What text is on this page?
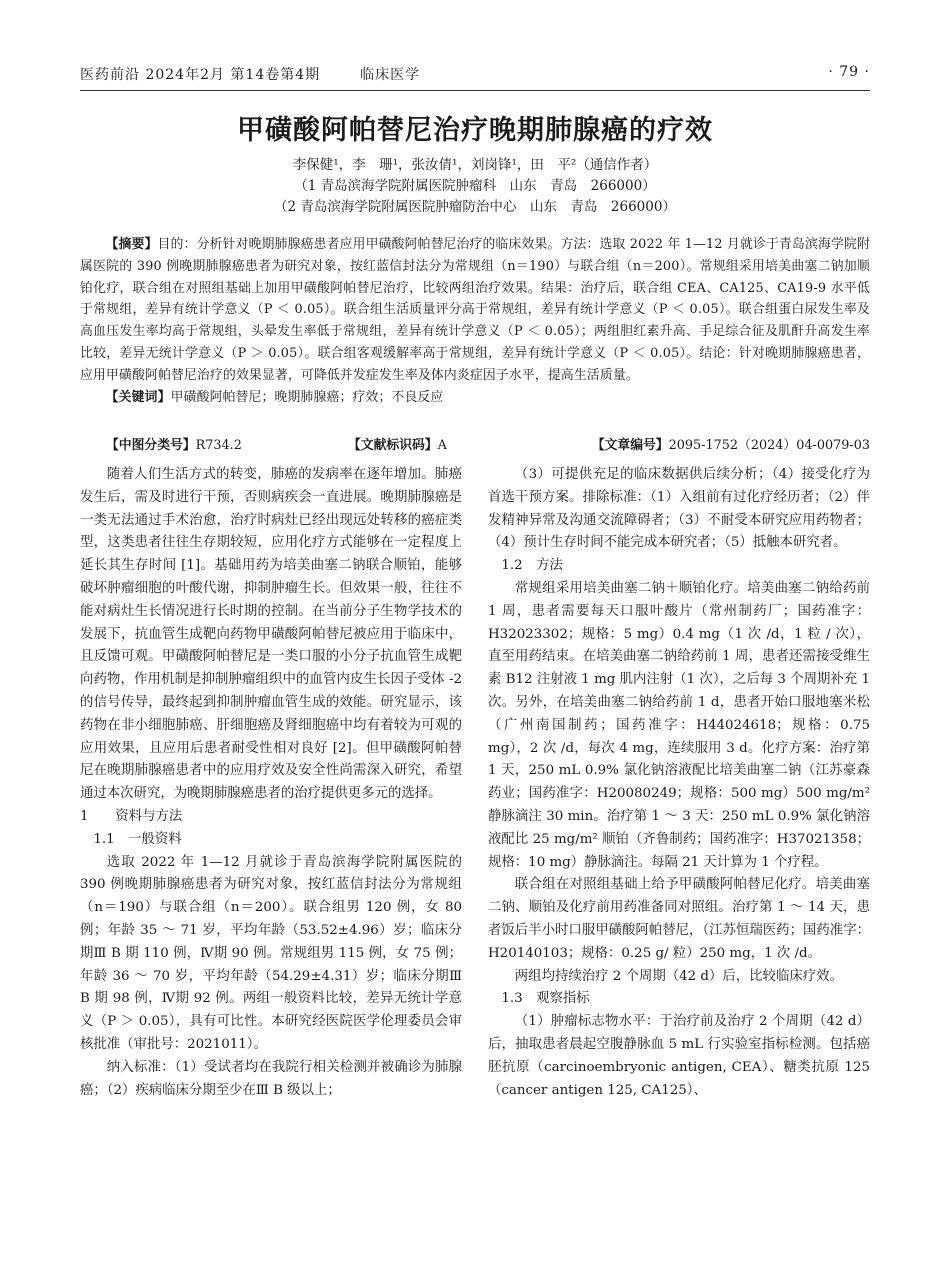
医药前沿 2024年2月 第14卷第4期	临床医学	· 79 ·
甲磺酸阿帕替尼治疗晚期肺腺癌的疗效
李保健¹，李　珊¹，张汝倩¹，刘岗锋¹，田　平²（通信作者）
（1 青岛滨海学院附属医院肿瘤科　山东　青岛　266000）
（2 青岛滨海学院附属医院肿瘤防治中心　山东　青岛　266000）

【摘要】目的：分析针对晚期肺腺癌患者应用甲磺酸阿帕替尼治疗的临床效果。方法：选取 2022 年 1—12 月就诊于青岛滨海学院附属医院的 390 例晚期肺腺癌患者为研究对象，按红蓝信封法分为常规组（n＝190）与联合组（n＝200）。常规组采用培美曲塞二钠加顺铂化疗，联合组在对照组基础上加用甲磺酸阿帕替尼治疗，比较两组治疗效果。结果：治疗后，联合组 CEA、CA125、CA19-9 水平低于常规组，差异有统计学意义（P ＜ 0.05）。联合组生活质量评分高于常规组，差异有统计学意义（P ＜ 0.05）。联合组蛋白尿发生率及高血压发生率均高于常规组，头晕发生率低于常规组，差异有统计学意义（P ＜ 0.05）；两组胆红素升高、手足综合征及肌酐升高发生率比较，差异无统计学意义（P ＞ 0.05）。联合组客观缓解率高于常规组，差异有统计学意义（P ＜ 0.05）。结论：针对晚期肺腺癌患者，应用甲磺酸阿帕替尼治疗的效果显著，可降低并发症发生率及体内炎症因子水平，提高生活质量。

【关键词】甲磺酸阿帕替尼；晚期肺腺癌；疗效；不良反应

【中图分类号】R734.2	【文献标识码】A	【文章编号】2095-1752（2024）04-0079-03

随着人们生活方式的转变，肺癌的发病率在逐年增加。肺癌发生后，需及时进行干预，否则病疾会一直进展。晚期肺腺癌是一类无法通过手术治愈，治疗时病灶已经出现远处转移的癌症类型，这类患者往往生存期较短，应用化疗方式能够在一定程度上延长其生存时间 [1]。基础用药为培美曲塞二钠联合顺铂，能够破坏肿瘤细胞的叶酸代谢，抑制肿瘤生长。但效果一般，往往不能对病灶生长情况进行长时期的控制。在当前分子生物学技术的发展下，抗血管生成靶向药物甲磺酸阿帕替尼被应用于临床中，且反馈可观。甲磺酸阿帕替尼是一类口服的小分子抗血管生成靶向药物，作用机制是抑制肿瘤组织中的血管内皮生长因子受体 -2 的信号传导，最终起到抑制肿瘤血管生成的效能。研究显示，该药物在非小细胞肺癌、肝细胞癌及肾细胞癌中均有着较为可观的应用效果，且应用后患者耐受性相对良好 [2]。但甲磺酸阿帕替尼在晚期肺腺癌患者中的应用疗效及安全性尚需深入研究，希望通过本次研究，为晚期肺腺癌患者的治疗提供更多元的选择。

1　　资料与方法

1.1　一般资料

选取 2022 年 1—12 月就诊于青岛滨海学院附属医院的 390 例晚期肺腺癌患者为研究对象，按红蓝信封法分为常规组（n＝190）与联合组（n＝200）。联合组男 120 例，女 80 例；年龄 35 ～ 71 岁，平均年龄（53.52±4.96）岁；临床分期Ⅲ B 期 110 例，Ⅳ期 90 例。常规组男 115 例，女 75 例；年龄 36 ～ 70 岁，平均年龄（54.29±4.31）岁；临床分期Ⅲ B 期 98 例，Ⅳ期 92 例。两组一般资料比较，差异无统计学意义（P ＞ 0.05），具有可比性。本研究经医院医学伦理委员会审核批准（审批号：2021011）。

纳入标准：（1）受试者均在我院行相关检测并被确诊为肺腺癌；（2）疾病临床分期至少在Ⅲ B 级以上；

（3）可提供充足的临床数据供后续分析；（4）接受化疗为首选干预方案。排除标准：（1）入组前有过化疗经历者；（2）伴发精神异常及沟通交流障碍者；（3）不耐受本研究应用药物者；（4）预计生存时间不能完成本研究者；（5）抵触本研究者。

1.2　方法

常规组采用培美曲塞二钠＋顺铂化疗。培美曲塞二钠给药前 1 周，患者需要每天口服叶酸片（常州制药厂；国药准字：H32023302；规格：5 mg）0.4 mg（1 次 /d，1 粒 / 次），直至用药结束。在培美曲塞二钠给药前 1 周，患者还需接受维生素 B12 注射液 1 mg 肌内注射（1 次），之后每 3 个周期补充 1 次。另外，在培美曲塞二钠给药前 1 d，患者开始口服地塞米松（广州南国制药；国药准字：H44024618；规格：0.75 mg），2 次 /d，每次 4 mg，连续服用 3 d。化疗方案：治疗第 1 天，250 mL 0.9% 氯化钠溶液配比培美曲塞二钠（江苏豪森药业；国药准字：H20080249；规格：500 mg）500 mg/m² 静脉滴注 30 min。治疗第 1 ～ 3 天：250 mL 0.9% 氯化钠溶液配比 25 mg/m² 顺铂（齐鲁制药；国药准字：H37021358；规格：10 mg）静脉滴注。每隔 21 天计算为 1 个疗程。

联合组在对照组基础上给予甲磺酸阿帕替尼化疗。培美曲塞二钠、顺铂及化疗前用药准备同对照组。治疗第 1 ～ 14 天，患者饭后半小时口服甲磺酸阿帕替尼，（江苏恒瑞医药；国药准字：H20140103；规格：0.25 g/ 粒）250 mg，1 次 /d。

两组均持续治疗 2 个周期（42 d）后，比较临床疗效。

1.3　观察指标

（1）肿瘤标志物水平：于治疗前及治疗 2 个周期（42 d）后，抽取患者晨起空腹静脉血 5 mL 行实验室指标检测。包括癌胚抗原（carcinoembryonic antigen, CEA）、糖类抗原 125（cancer antigen 125, CA125）、
